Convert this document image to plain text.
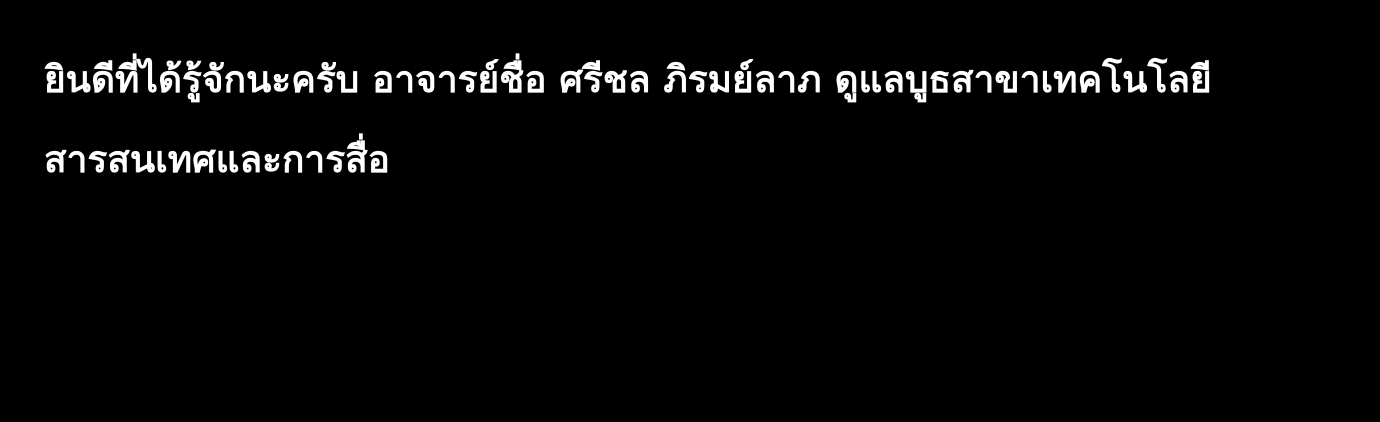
ยินดีที่ได้รู้จักนะครับ อาจารย์ชื่อ ศรีชล ภิรมย์ลาภ ดูแลบูธสาขาเทคโนโลยี
สารสนเทศและการสื่อ
